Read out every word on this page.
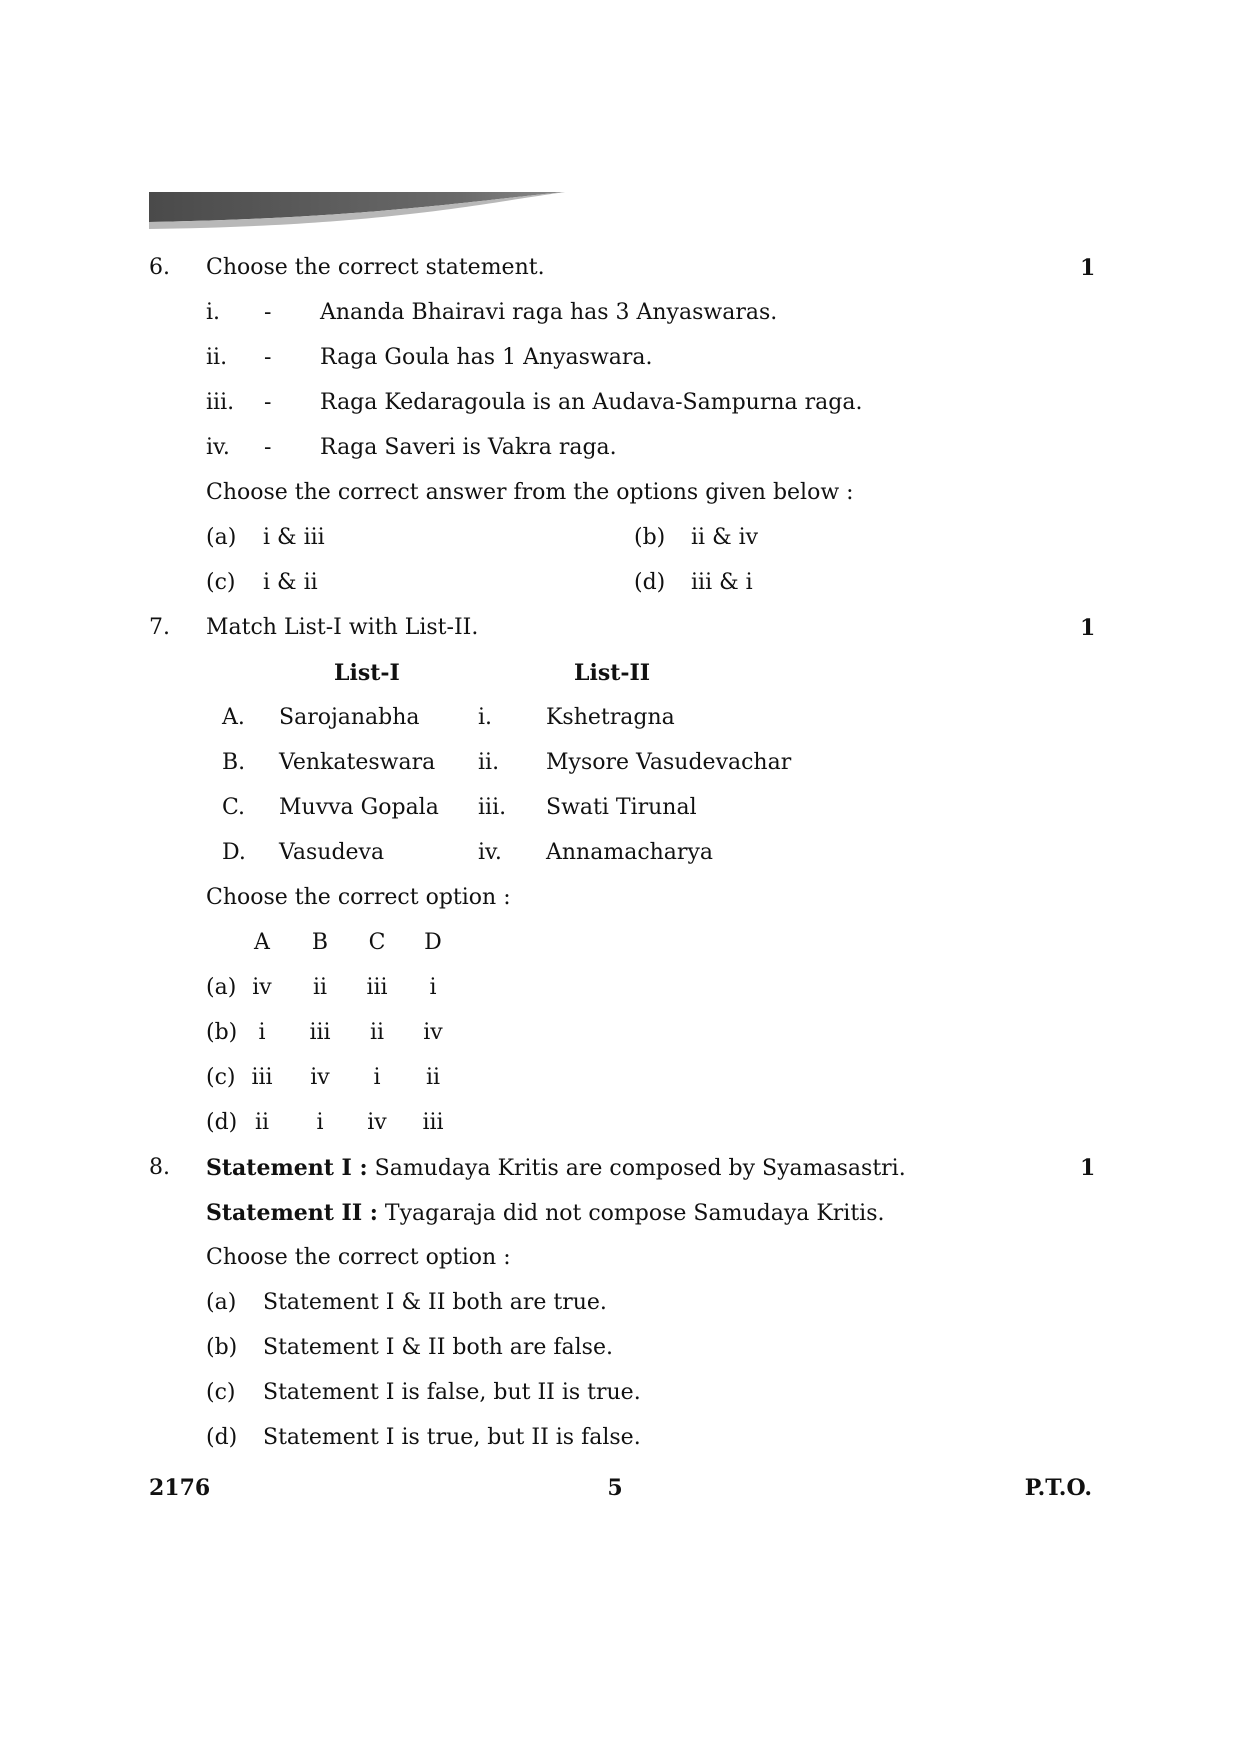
6. Choose the correct statement.	1
i. - Ananda Bhairavi raga has 3 Anyaswaras.
ii. - Raga Goula has 1 Anyaswara.
iii. - Raga Kedaragoula is an Audava-Sampurna raga.
iv. - Raga Saveri is Vakra raga.
Choose the correct answer from the options given below :
(a) i & iii	(b) ii & iv
(c) i & ii	(d) iii & i
7. Match List-I with List-II.	1
List-I	List-II
A. Sarojanabha	i. Kshetragna
B. Venkateswara ii. Mysore Vasudevachar
C. Muvva Gopala iii. Swati Tirunal
D. Vasudeva	iv. Annamacharya
Choose the correct option :
A	B	C	D
(a) iv	ii	iii	i
(b) i	iii	ii	iv
(c) iii	iv	i	ii
(d) ii	i	iv	iii
8. Statement I : Samudaya Kritis are composed by Syamasastri.	1
Statement II : Tyagaraja did not compose Samudaya Kritis.
Choose the correct option :
(a) Statement I & II both are true.
(b) Statement I & II both are false.
(c) Statement I is false, but II is true.
(d) Statement I is true, but II is false.
2176	5	P.T.O.
